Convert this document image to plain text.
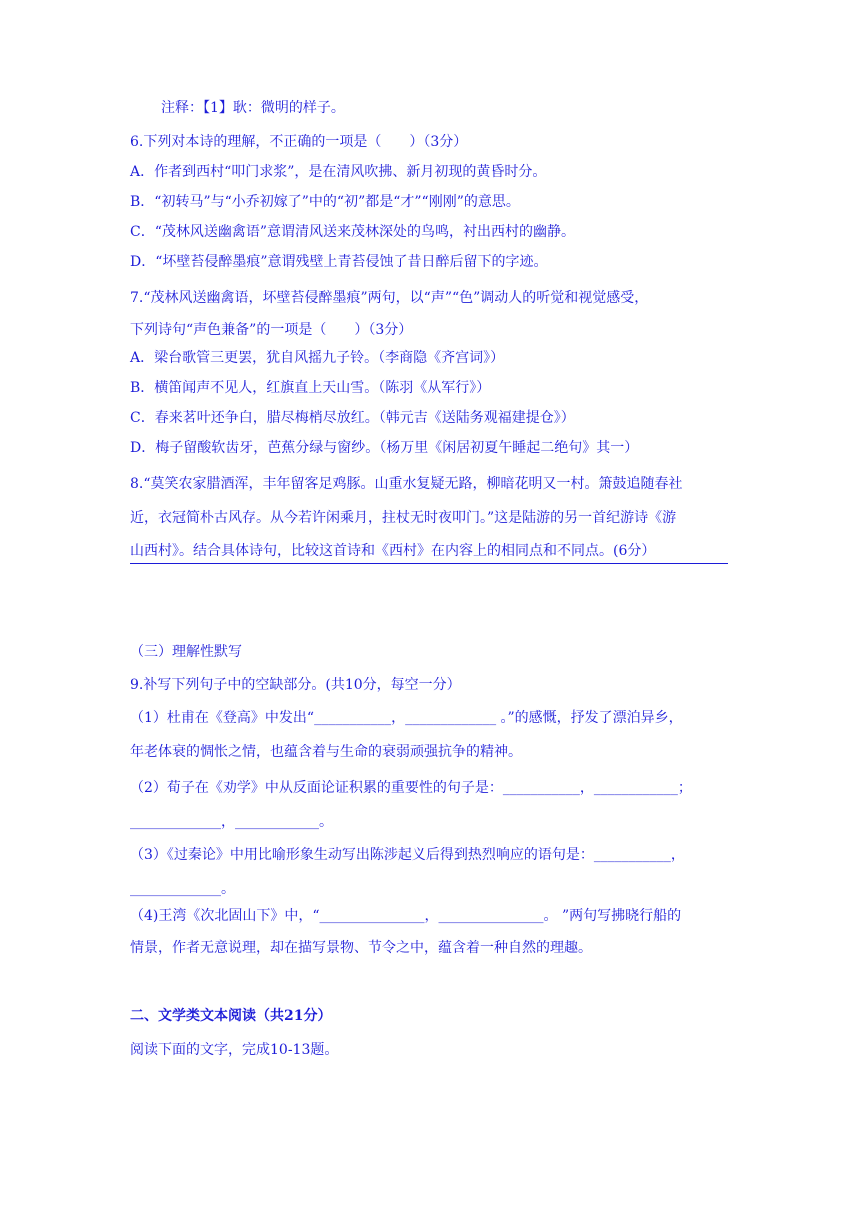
注释：【1】耿：微明的样子。
6.下列对本诗的理解，不正确的一项是（　　）（3分）
A．作者到西村“叩门求浆”，是在清风吹拂、新月初现的黄昏时分。
B．“初转马”与“小乔初嫁了”中的“初”都是“才”“刚刚”的意思。
C．“茂林风送幽禽语”意谓清风送来茂林深处的鸟鸣，衬出西村的幽静。
D．“坏壁苔侵醉墨痕”意谓残壁上青苔侵蚀了昔日醉后留下的字迹。
7.“茂林风送幽禽语，坏壁苔侵醉墨痕”两句，以“声”“色”调动人的听觉和视觉感受，
下列诗句“声色兼备”的一项是（　　）（3分）
A．梁台歌管三更罢，犹自风摇九子铃。（李商隐《齐宫词》）
B．横笛闻声不见人，红旗直上天山雪。（陈羽《从军行》）
C．春来茗叶还争白，腊尽梅梢尽放红。（韩元吉《送陆务观福建提仓》）
D．梅子留酸软齿牙，芭蕉分绿与窗纱。（杨万里《闲居初夏午睡起二绝句》其一）
8.“莫笑农家腊酒浑，丰年留客足鸡豚。山重水复疑无路，柳暗花明又一村。箫鼓追随春社
近，衣冠简朴古风存。从今若许闲乘月，拄杖无时夜叩门。”这是陆游的另一首纪游诗《游
山西村》。结合具体诗句，比较这首诗和《西村》在内容上的相同点和不同点。(6分）
（三）理解性默写
9.补写下列句子中的空缺部分。(共10分，每空一分）
（1）杜甫在《登高》中发出“___________，_____________ 。”的感慨，抒发了漂泊异乡，
年老体衰的惆怅之情，也蕴含着与生命的衰弱顽强抗争的精神。
（2）荀子在《劝学》中从反面论证积累的重要性的句子是：___________，____________；
_____________，____________。
（3）《过秦论》中用比喻形象生动写出陈涉起义后得到热烈响应的语句是：___________，
_____________。
（4)王湾《次北固山下》中，“_______________，_______________。 ”两句写拂晓行船的
情景，作者无意说理，却在描写景物、节令之中，蕴含着一种自然的理趣。
二、文学类文本阅读（共21分）
阅读下面的文字，完成10-13题。
